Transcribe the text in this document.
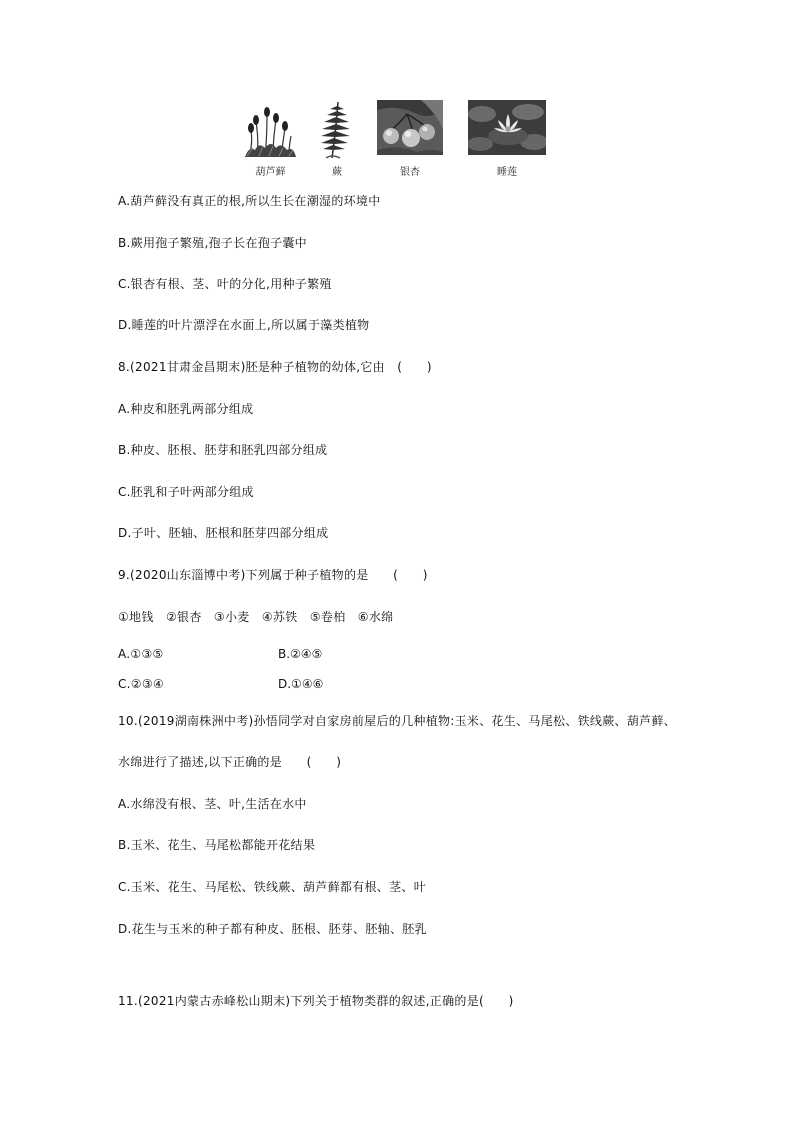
葫芦藓	蕨	银杏	睡莲
A.葫芦藓没有真正的根,所以生长在潮湿的环境中
B.蕨用孢子繁殖,孢子长在孢子囊中
C.银杏有根、茎、叶的分化,用种子繁殖
D.睡莲的叶片漂浮在水面上,所以属于藻类植物
8.(2021甘肃金昌期末)胚是种子植物的幼体,它由　(　　)
A.种皮和胚乳两部分组成
B.种皮、胚根、胚芽和胚乳四部分组成
C.胚乳和子叶两部分组成
D.子叶、胚轴、胚根和胚芽四部分组成
9.(2020山东淄博中考)下列属于种子植物的是　　(　　)
①地钱　②银杏　③小麦　④苏铁　⑤卷柏　⑥水绵
A.①③⑤	B.②④⑤
C.②③④	D.①④⑥
10.(2019湖南株洲中考)孙悟同学对自家房前屋后的几种植物:玉米、花生、马尾松、铁线蕨、葫芦藓、
水绵进行了描述,以下正确的是　　(　　)
A.水绵没有根、茎、叶,生活在水中
B.玉米、花生、马尾松都能开花结果
C.玉米、花生、马尾松、铁线蕨、葫芦藓都有根、茎、叶
D.花生与玉米的种子都有种皮、胚根、胚芽、胚轴、胚乳
11.(2021内蒙古赤峰松山期末)下列关于植物类群的叙述,正确的是(　　)
